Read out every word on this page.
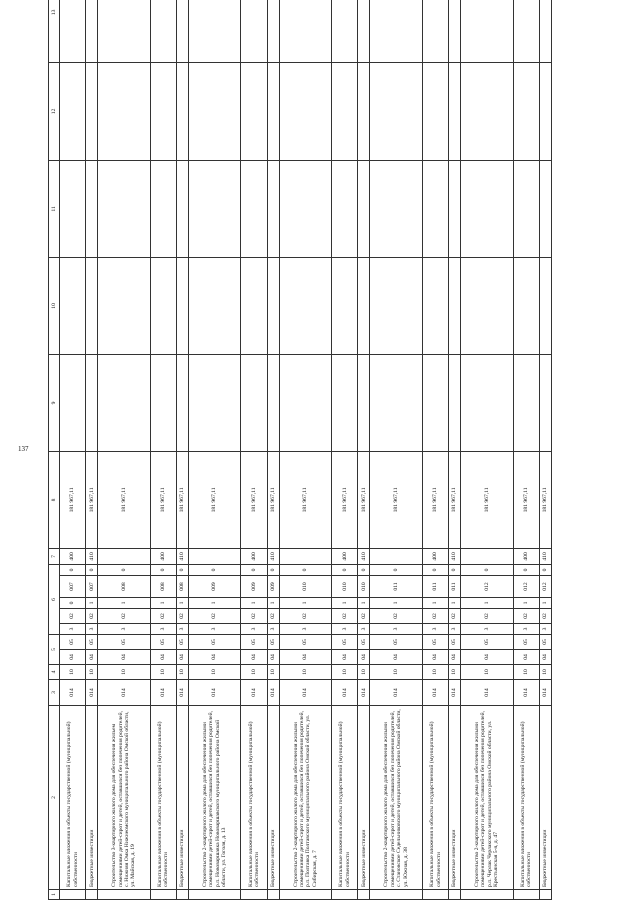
137
1	2	3	4	5		6					7	8	9	10	11	12	13
	Капитальные вложения в объекты государственной (муниципальной) собственности	014	10	04	05	3	02	0	007	0	400	181 967,11					
	Бюджетные инвестиции	014	10	04	05	3	02	1	007	0	410	181 967,11					
	Строительство 3-квартирного жилого дома для обеспечения жильем помещениями детей-сирот и детей, оставшихся без попечения родителей, с. Нижняя Омка Нижнеомского муниципального района Омской области, ул. Майская, д. 19	014	10	04	05	3	02	1	008	0		181 967,11					
	Капитальные вложения в объекты государственной (муниципальной) собственности	014	10	04	05	3	02	1	008	0	400	181 967,11					
	Бюджетные инвестиции	014	10	04	05	3	02	1	008	0	410	181 967,11					
	Строительство 2-квартирного жилого дома для обеспечения жилыми помещениями детей-сирот и детей, оставшихся без попечения родителей, р.п. Нововаршавка Нововаршавского муниципального района Омской области, ул. Гоголя, д. 13	014	10	04	05	3	02	1	009	0		181 967,11					
	Капитальные вложения в объекты государственной (муниципальной) собственности	014	10	04	05	3	02	1	009	0	400	181 967,11					
	Бюджетные инвестиции	014	10	04	05	3	02	1	009	0	410	181 967,11					
	Строительство 2-квартирного жилого дома для обеспечения жилыми помещениями детей-сирот и детей, оставшихся без попечения родителей, р.п. Полтавка Полтавского муниципального района Омской области, ул. Сибирская, д. 7	014	10	04	05	3	02	1	010	0		181 967,11					
	Капитальные вложения в объекты государственной (муниципальной) собственности	014	10	04	05	3	02	1	010	0	400	181 967,11					
	Бюджетные инвестиции	014	10	04	05	3	02	1	010	0	410	181 967,11					
	Строительство 2-квартирного жилого дома для обеспечения жилыми помещениями детей-сирот и детей, оставшихся без попечения родителей, с. Становское Седельниковского муниципального района Омской области, ул. Южная, д. 38	014	10	04	05	3	02	1	011	0		181 967,11					
	Капитальные вложения в объекты государственной (муниципальной) собственности	014	10	04	05	3	02	1	011	0	400	181 967,11					
	Бюджетные инвестиции	014	10	04	05	3	02	1	011	0	410	181 967,11					
	Строительство 2-квартирного жилого дома для обеспечения жилыми помещениями детей-сирот и детей, оставшихся без попечения родителей, р.п. Черлак Черлакского муниципального района Омской области, ул. Крестьянская 5-я, д. 47	014	10	04	05	3	02	1	012	0		181 967,11					
	Капитальные вложения в объекты государственной (муниципальной) собственности	014	10	04	05	3	02	1	012	0	400	181 967,11					
	Бюджетные инвестиции	014	10	04	05	3	02	1	012	0	410	181 967,11					
